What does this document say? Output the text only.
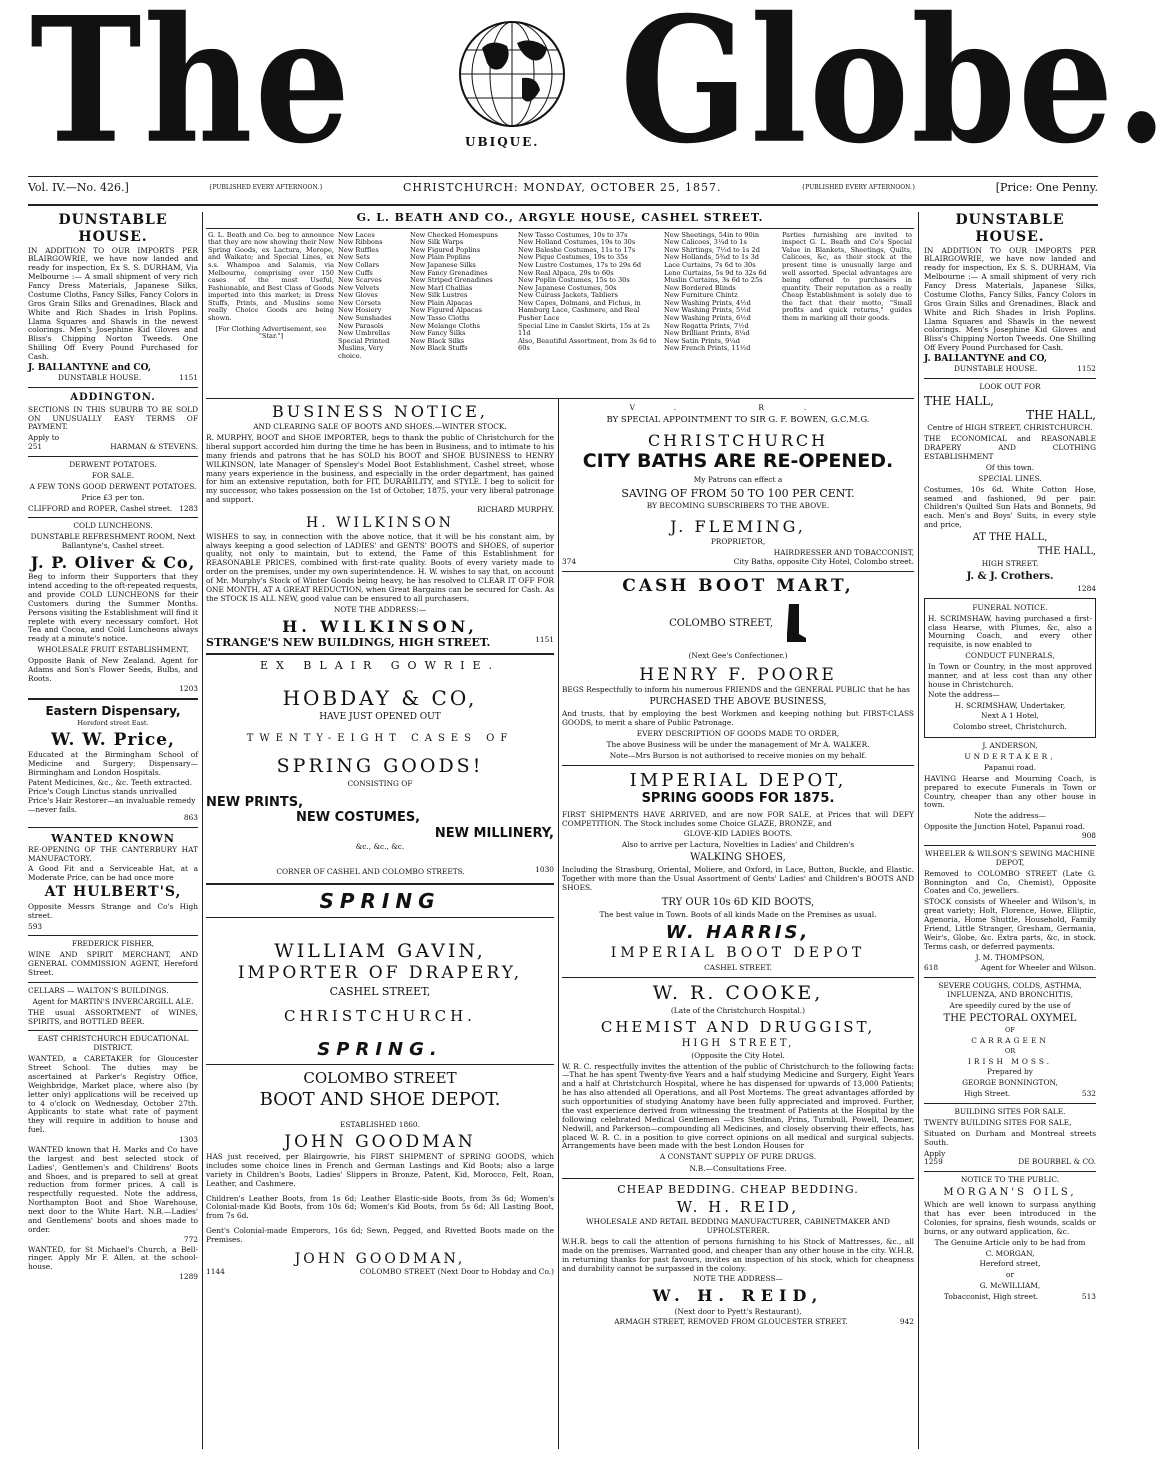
The	UBIQUE. Globe.
Vol. IV.—No. 426.]	{PUBLISHED EVERY AFTERNOON.}	CHRISTCHURCH: MONDAY, OCTOBER 25, 1857.	{PUBLISHED EVERY AFTERNOON.}	[Price: One Penny.
DUNSTABLE HOUSE.

IN ADDITION TO OUR IMPORTS PER BLAIRGOWRIE, we have now landed and ready for inspection, Ex S. S. DURHAM, Via Melbourne :— A small shipment of very rich Fancy Dress Materials, Japanese Silks, Costume Cloths, Fancy Silks, Fancy Colors in Gros Grain Silks and Grenadines, Black and White and Rich Shades in Irish Poplins. Llama Squares and Shawls in the newest colorings. Men's Josephine Kid Gloves and Bliss's Chipping Norton Tweeds. One Shilling Off Every Pound Purchased for Cash.

J. BALLANTYNE and CO,
DUNSTABLE HOUSE.	1151
ADDINGTON.

SECTIONS IN THIS SUBURB TO BE SOLD ON UNUSUALLY EASY TERMS OF PAYMENT.

Apply to
251	HARMAN & STEVENS.
DERWENT POTATOES.
FOR SALE.
A FEW TONS GOOD DERWENT POTATOES.
Price £3 per ton.
CLIFFORD and ROPER, Cashel street. 1283
COLD LUNCHEONS.
DUNSTABLE REFRESHMENT ROOM, Next Ballantyne's, Cashel street.
J. P. Oliver & Co,

Beg to inform their Supporters that they intend acceding to the oft-repeated requests, and provide COLD LUNCHEONS for their Customers during the Summer Months. Persons visiting the Establishment will find it replete with every necessary comfort. Hot Tea and Cocoa, and Cold Luncheons always ready at a minute's notice.

WHOLESALE FRUIT ESTABLISHMENT,

Opposite Bank of New Zealand. Agent for Adams and Son's Flower Seeds, Bulbs, and Roots.

1203
Eastern Dispensary,
Hereford street East.
W. W. Price,

Educated at the Birmingham School of Medicine and Surgery; Dispensary—Birmingham and London Hospitals.

Patent Medicines, &c., &c. Teeth extracted.
Price's Cough Linctus stands unrivalled
Price's Hair Restorer—an invaluable remedy—never fails.
863
WANTED KNOWN

RE-OPENING OF THE CANTERBURY HAT MANUFACTORY.

A Good Fit and a Serviceable Hat, at a Moderate Price, can be had once more

AT HULBERT'S,

Opposite Messrs Strange and Co's High street.

593
FREDERICK FISHER,

WINE AND SPIRIT MERCHANT, AND GENERAL COMMISSION AGENT, Hereford Street.

CELLARS — WALTON'S BUILDINGS.
Agent for MARTIN'S INVERCARGILL ALE.

THE usual ASSORTMENT of WINES, SPIRITS, and BOTTLED BEER.

EAST CHRISTCHURCH EDUCATIONAL DISTRICT.

WANTED, a CARETAKER for Gloucester Street School. The duties may be ascertained at Parker's Registry Office, Weighbridge, Market place, where also (by letter only) applications will be received up to 4 o'clock on Wednesday, October 27th. Applicants to state what rate of payment they will require in addition to house and fuel.

1303

WANTED known that H. Marks and Co have the largest and best selected stock of Ladies', Gentlemen's and Childrens' Boots and Shoes, and is prepared to sell at great reduction from former prices. A call is respectfully requested. Note the address, Northampton Boot and Shoe Warehouse, next door to the White Hart. N.B.—Ladies' and Gentlemens' boots and shoes made to order.

772

WANTED, for St Michael's Church, a Bell-ringer. Apply Mr F. Allen, at the school-house.

1289
G. L. BEATH AND CO., ARGYLE HOUSE, CASHEL STREET.

G. L. Beath and Co. beg to announce that they are now showing their New Spring Goods, ex Lactura, Merope, and Waikato; and Special Lines, ex s.s. Whampoa and Salamis, via Melbourne, comprising over 150 cases of the most Useful, Fashionable, and Best Class of Goods imported into this market; in Dress Stuffs, Prints, and Muslins some really Choice Goods are being shown.

[For Clothing Advertisement, see "Star."]

New Laces
New Ribbons
New Ruffles
New Sets
New Collars
New Cuffs
New Scarves
New Velvets
New Gloves
New Corsets
New Hosiery
New Sunshades
New Parasols
New Umbrellas
Special Printed Muslins, Very choice.

New Checked Homespuns
New Silk Warps
New Figured Poplins
New Plain Poplins
New Japanese Silks
New Fancy Grenadines
New Striped Grenadines
New Marl Challias
New Silk Lustres
New Plain Alpacas
New Figured Alpacas
New Tasso Cloths
New Melange Cloths
New Fancy Silks
New Black Silks
New Black Stuffs

New Tasso Costumes, 10s to 37s
New Holland Costumes, 19s to 30s
New Baleshe Costumes, 11s to 17s
New Pique Costumes, 19s to 35s
New Lustre Costumes, 17s to 29s 6d
New Real Alpaca, 29s to 60s
New Poplin Costumes, 15s to 30s
New Japanese Costumes, 50s
New Cuirass Jackets, Tabliers
New Capes, Dolmans, and Fichus, in Hamburg Lace, Cashmere, and Real Pusher Lace
Special Line in Camlet Skirts, 15s at 2s 11d
Also, Beautiful Assortment, from 3s 6d to 60s

New Sheetings, 54in to 90in
New Calicoes, 3¼d to 1s
New Shirtings, 7½d to 1s 2d
New Hollands, 5¾d to 1s 3d
Lace Curtains, 7s 6d to 30s
Leno Curtains, 5s 9d to 32s 6d
Muslin Curtains, 3s 6d to 25s
New Bordered Blinds
New Furniture Chintz
New Washing Prints, 4½d
New Washing Prints, 5½d
New Washing Prints, 6½d
New Regatta Prints, 7½d
New Brilliant Prints, 8¼d
New Satin Prints, 9¼d
New French Prints, 11½d

Parties furnishing are invited to inspect G. L. Beath and Co's Special Value in Blankets, Sheetings, Quilts, Calicoes, &c, as their stock at the present time is unusually large and well assorted. Special advantages are being offered to purchasers in quantity. Their reputation as a really Cheap Establishment is solely due to the fact that their motto, "Small profits and quick returns," guides them in marking all their goods.

BUSINESS NOTICE,
AND CLEARING SALE OF BOOTS AND SHOES.—WINTER STOCK.

R. MURPHY, BOOT and SHOE IMPORTER, begs to thank the public of Christchurch for the liberal support accorded him during the time he has been in Business, and to intimate to his many friends and patrons that he has SOLD his BOOT and SHOE BUSINESS to HENRY WILKINSON, late Manager of Spensley's Model Boot Establishment, Cashel street, whose many years experience in the business, and especially in the order department, has gained for him an extensive reputation, both for FIT, DURABILITY, and STYLE. I beg to solicit for my successor, who takes possession on the 1st of October, 1875, your very liberal patronage and support.

RICHARD MURPHY.
H. WILKINSON

WISHES to say, in connection with the above notice, that it will be his constant aim, by always keeping a good selection of LADIES' and GENTS' BOOTS and SHOES, of superior quality, not only to maintain, but to extend, the Fame of this Establishment for REASONABLE PRICES, combined with first-rate quality. Boots of every variety made to order on the premises, under my own superintendence. H. W. wishes to say that, on account of Mr. Murphy's Stock of Winter Goods being heavy, he has resolved to CLEAR IT OFF FOR ONE MONTH, AT A GREAT REDUCTION, when Great Bargains can be secured for Cash. As the STOCK IS ALL NEW, good value can be ensured to all purchasers.

NOTE THE ADDRESS:—
H. WILKINSON,
STRANGE'S NEW BUILDINGS, HIGH STREET.	1151
EX BLAIR GOWRIE.
HOBDAY & CO,
HAVE JUST OPENED OUT
TWENTY-EIGHT CASES OF
SPRING GOODS!
CONSISTING OF
NEW PRINTS,
NEW COSTUMES,
NEW MILLINERY,
&c., &c., &c.
CORNER OF CASHEL AND COLOMBO STREETS.	1030
SPRING
WILLIAM GAVIN,
IMPORTER OF DRAPERY,
CASHEL STREET,
CHRISTCHURCH.
SPRING.
COLOMBO STREET
BOOT AND SHOE DEPOT.
ESTABLISHED 1860.
JOHN GOODMAN

HAS just received, per Blairgowrie, his FIRST SHIPMENT of SPRING GOODS, which includes some choice lines in French and German Lastings and Kid Boots; also a large variety in Children's Boots, Ladies' Slippers in Bronze, Patent, Kid, Morocco, Felt, Roan, Leather, and Cashmere.

Children's Leather Boots, from 1s 6d; Leather Elastic-side Boots, from 3s 6d; Women's Colonial-made Kid Boots, from 10s 6d; Women's Kid Boots, from 5s 6d; All Lasting Boot, from 7s 6d.

Gent's Colonial-made Emperors, 16s 6d; Sewn, Pegged, and Rivetted Boots made on the Premises.

JOHN GOODMAN,
1144	COLOMBO STREET (Next Door to Hobday and Co.)
V. R.
BY SPECIAL APPOINTMENT TO SIR G. F. BOWEN, G.C.M.G.
CHRISTCHURCH
CITY BATHS ARE RE-OPENED.
My Patrons can effect a
SAVING OF FROM 50 TO 100 PER CENT.
BY BECOMING SUBSCRIBERS TO THE ABOVE.
J. FLEMING,
PROPRIETOR,
HAIRDRESSER AND TOBACCONIST,
374	City Baths, opposite City Hotel, Colombo street.
CASH BOOT MART,
COLOMBO STREET,
(Next Gee's Confectioner.)
HENRY F. POORE

BEGS Respectfully to inform his numerous FRIENDS and the GENERAL PUBLIC that he has

PURCHASED THE ABOVE BUSINESS,

And trusts, that by employing the best Workmen and keeping nothing but FIRST-CLASS GOODS, to merit a share of Public Patronage.

EVERY DESCRIPTION OF GOODS MADE TO ORDER,
The above Business will be under the management of Mr A. WALKER.
Note—Mrs Burson is not authorised to receive monies on my behalf.
IMPERIAL DEPOT,
SPRING GOODS FOR 1875.

FIRST SHIPMENTS HAVE ARRIVED, and are now FOR SALE, at Prices that will DEFY COMPETITION. The Stock includes some Choice GLAZE, BRONZE, and

GLOVE-KID LADIES BOOTS.
Also to arrive per Lactura, Novelties in Ladies' and Children's
WALKING SHOES,

Including the Strasburg, Oriental, Moliere, and Oxford, in Lace, Button, Buckle, and Elastic. Together with more than the Usual Assortment of Gents' Ladies' and Children's BOOTS AND SHOES.

TRY OUR 10s 6D KID BOOTS,
The best value in Town. Boots of all kinds Made on the Premises as usual.
W. HARRIS,
IMPERIAL BOOT DEPOT
CASHEL STREET.
W. R. COOKE,
(Late of the Christchurch Hospital.)
CHEMIST AND DRUGGIST,
HIGH STREET,
(Opposite the City Hotel.

W. R. C. respectfully invites the attention of the public of Christchurch to the following facts:—That he has spent Twenty-five Years and a half studying Medicine and Surgery, Eight Years and a half at Christchurch Hospital, where he has dispensed for upwards of 13,000 Patients; he has also attended all Operations, and all Post Mortems. The great advantages afforded by such opportunities of studying Anatomy have been fully appreciated and improved. Further, the vast experience derived from witnessing the treatment of Patients at the Hospital by the following celebrated Medical Gentlemen —Drs Stedman, Prins, Turnbull, Powell, Deamer, Nedwill, and Parkerson—compounding all Medicines, and closely observing their effects, has placed W. R. C. in a position to give correct opinions on all medical and surgical subjects. Arrangements have been made with the best London Houses for

A CONSTANT SUPPLY OF PURE DRUGS.
N.B.—Consultations Free.
CHEAP BEDDING. CHEAP BEDDING.
W. H. REID,
WHOLESALE AND RETAIL BEDDING MANUFACTURER, CABINETMAKER AND UPHOLSTERER.

W.H.R. begs to call the attention of persons furnishing to his Stock of Mattresses, &c., all made on the premises. Warranted good, and cheaper than any other house in the city. W.H.R. in returning thanks for past favours, invites an inspection of his stock, which for cheapness and durability cannot be surpassed in the colony.

NOTE THE ADDRESS—
W. H. REID,
(Next door to Pyett's Restaurant),
ARMAGH STREET, REMOVED FROM GLOUCESTER STREET.	942
DUNSTABLE HOUSE.

IN ADDITION TO OUR IMPORTS PER BLAIRGOWRIE, we have now landed and ready for inspection, Ex S. S. DURHAM, Via Melbourne :— A small shipment of very rich Fancy Dress Materials, Japanese Silks, Costume Cloths, Fancy Silks, Fancy Colors in Gros Grain Silks and Grenadines, Black and White and Rich Shades in Irish Poplins. Llama Squares and Shawls in the newest colorings. Men's Josephine Kid Gloves and Bliss's Chipping Norton Tweeds. One Shilling Off Every Pound Purchased for Cash.

J. BALLANTYNE and CO,
DUNSTABLE HOUSE.	1152
LOOK OUT FOR
THE HALL,
THE HALL,
Centre of HIGH STREET, CHRISTCHURCH.

THE ECONOMICAL and REASONABLE DRAPERY AND CLOTHING ESTABLISHMENT

Of this town.
SPECIAL LINES.

Costumes, 10s 6d. White Cotton Hose, seamed and fashioned, 9d per pair. Children's Quilted Sun Hats and Bonnets, 9d each. Men's and Boys' Suits, in every style and price,

AT THE HALL,
THE HALL,
HIGH STREET.
J. & J. Crothers.
1284
FUNERAL NOTICE.

H. SCRIMSHAW, having purchased a first-class Hearse, with Plumes, &c, also a Mourning Coach, and every other requisite, is now enabled to

CONDUCT FUNERALS,

In Town or Country, in the most approved manner, and at less cost than any other house in Christchurch.

Note the address—
H. SCRIMSHAW, Undertaker,
Next A 1 Hotel,
Colombo street, Christchurch.
J. ANDERSON,
UNDERTAKER,
Papanui road.

HAVING Hearse and Mourning Coach, is prepared to execute Funerals in Town or Country, cheaper than any other house in town.

Note the address—
Opposite the Junction Hotel, Papanui road.
908
WHEELER & WILSON'S SEWING MACHINE DEPOT,

Removed to COLOMBO STREET (Late G. Bonnington and Co, Chemist), Opposite Coates and Co, jewellers.

STOCK consists of Wheeler and Wilson's, in great variety; Holt, Florence, Howe, Elliptic, Agenoria, Home Shuttle, Household, Family Friend, Little Stranger, Gresham, Germania, Weir's, Globe, &c. Extra parts, &c, in stock. Terms cash, or deferred payments.

J. M. THOMPSON,
618	Agent for Wheeler and Wilson.
SEVERE COUGHS, COLDS, ASTHMA, INFLUENZA, AND BRONCHITIS,
Are speedily cured by the use of
THE PECTORAL OXYMEL
OF
CARRAGEEN
OR
IRISH MOSS.
Prepared by
GEORGE BONNINGTON,
High Street.	532
BUILDING SITES FOR SALE.

TWENTY BUILDING SITES FOR SALE,

Situated on Durham and Montreal streets South.

Apply
1259	DE BOURBEL & CO.
NOTICE TO THE PUBLIC.
MORGAN'S OILS,

Which are well known to surpass anything that has ever been introduced in the Colonies, for sprains, flesh wounds, scalds or burns, or any outward application, &c.

The Genuine Article only to be had from
C. MORGAN,
Hereford street,
or
G. McWILLIAM,
Tobacconist, High street.	513
